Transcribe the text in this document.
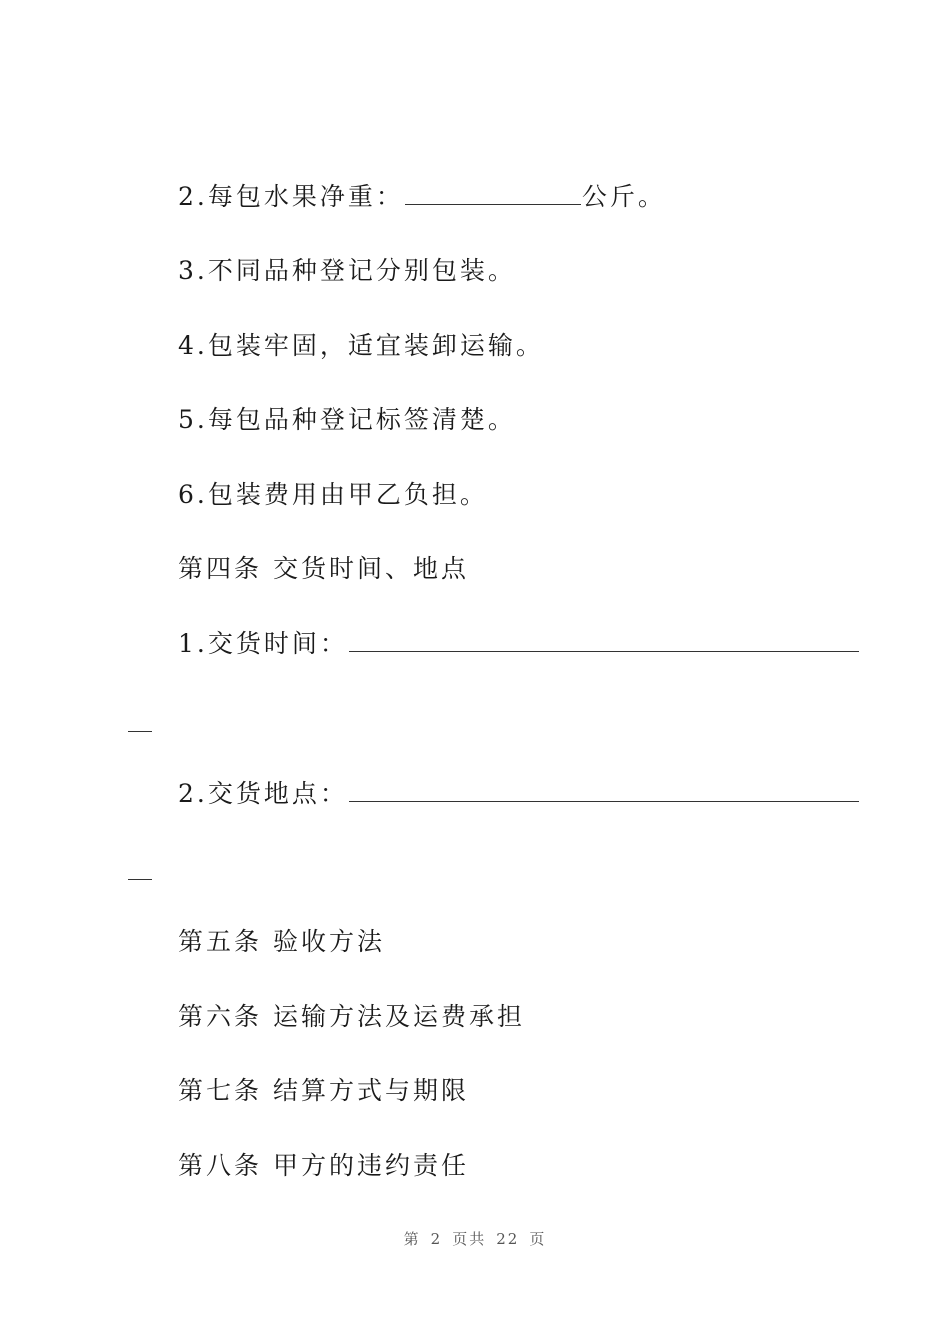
2.每包水果净重：	公斤。
3.不同品种登记分别包装。
4.包装牢固，适宜装卸运输。
5.每包品种登记标签清楚。
6.包装费用由甲乙负担。
第四条 交货时间、地点
1.交货时间：
2.交货地点：
第五条 验收方法
第六条 运输方法及运费承担
第七条 结算方式与期限
第八条 甲方的违约责任
第 2 页共 22 页
